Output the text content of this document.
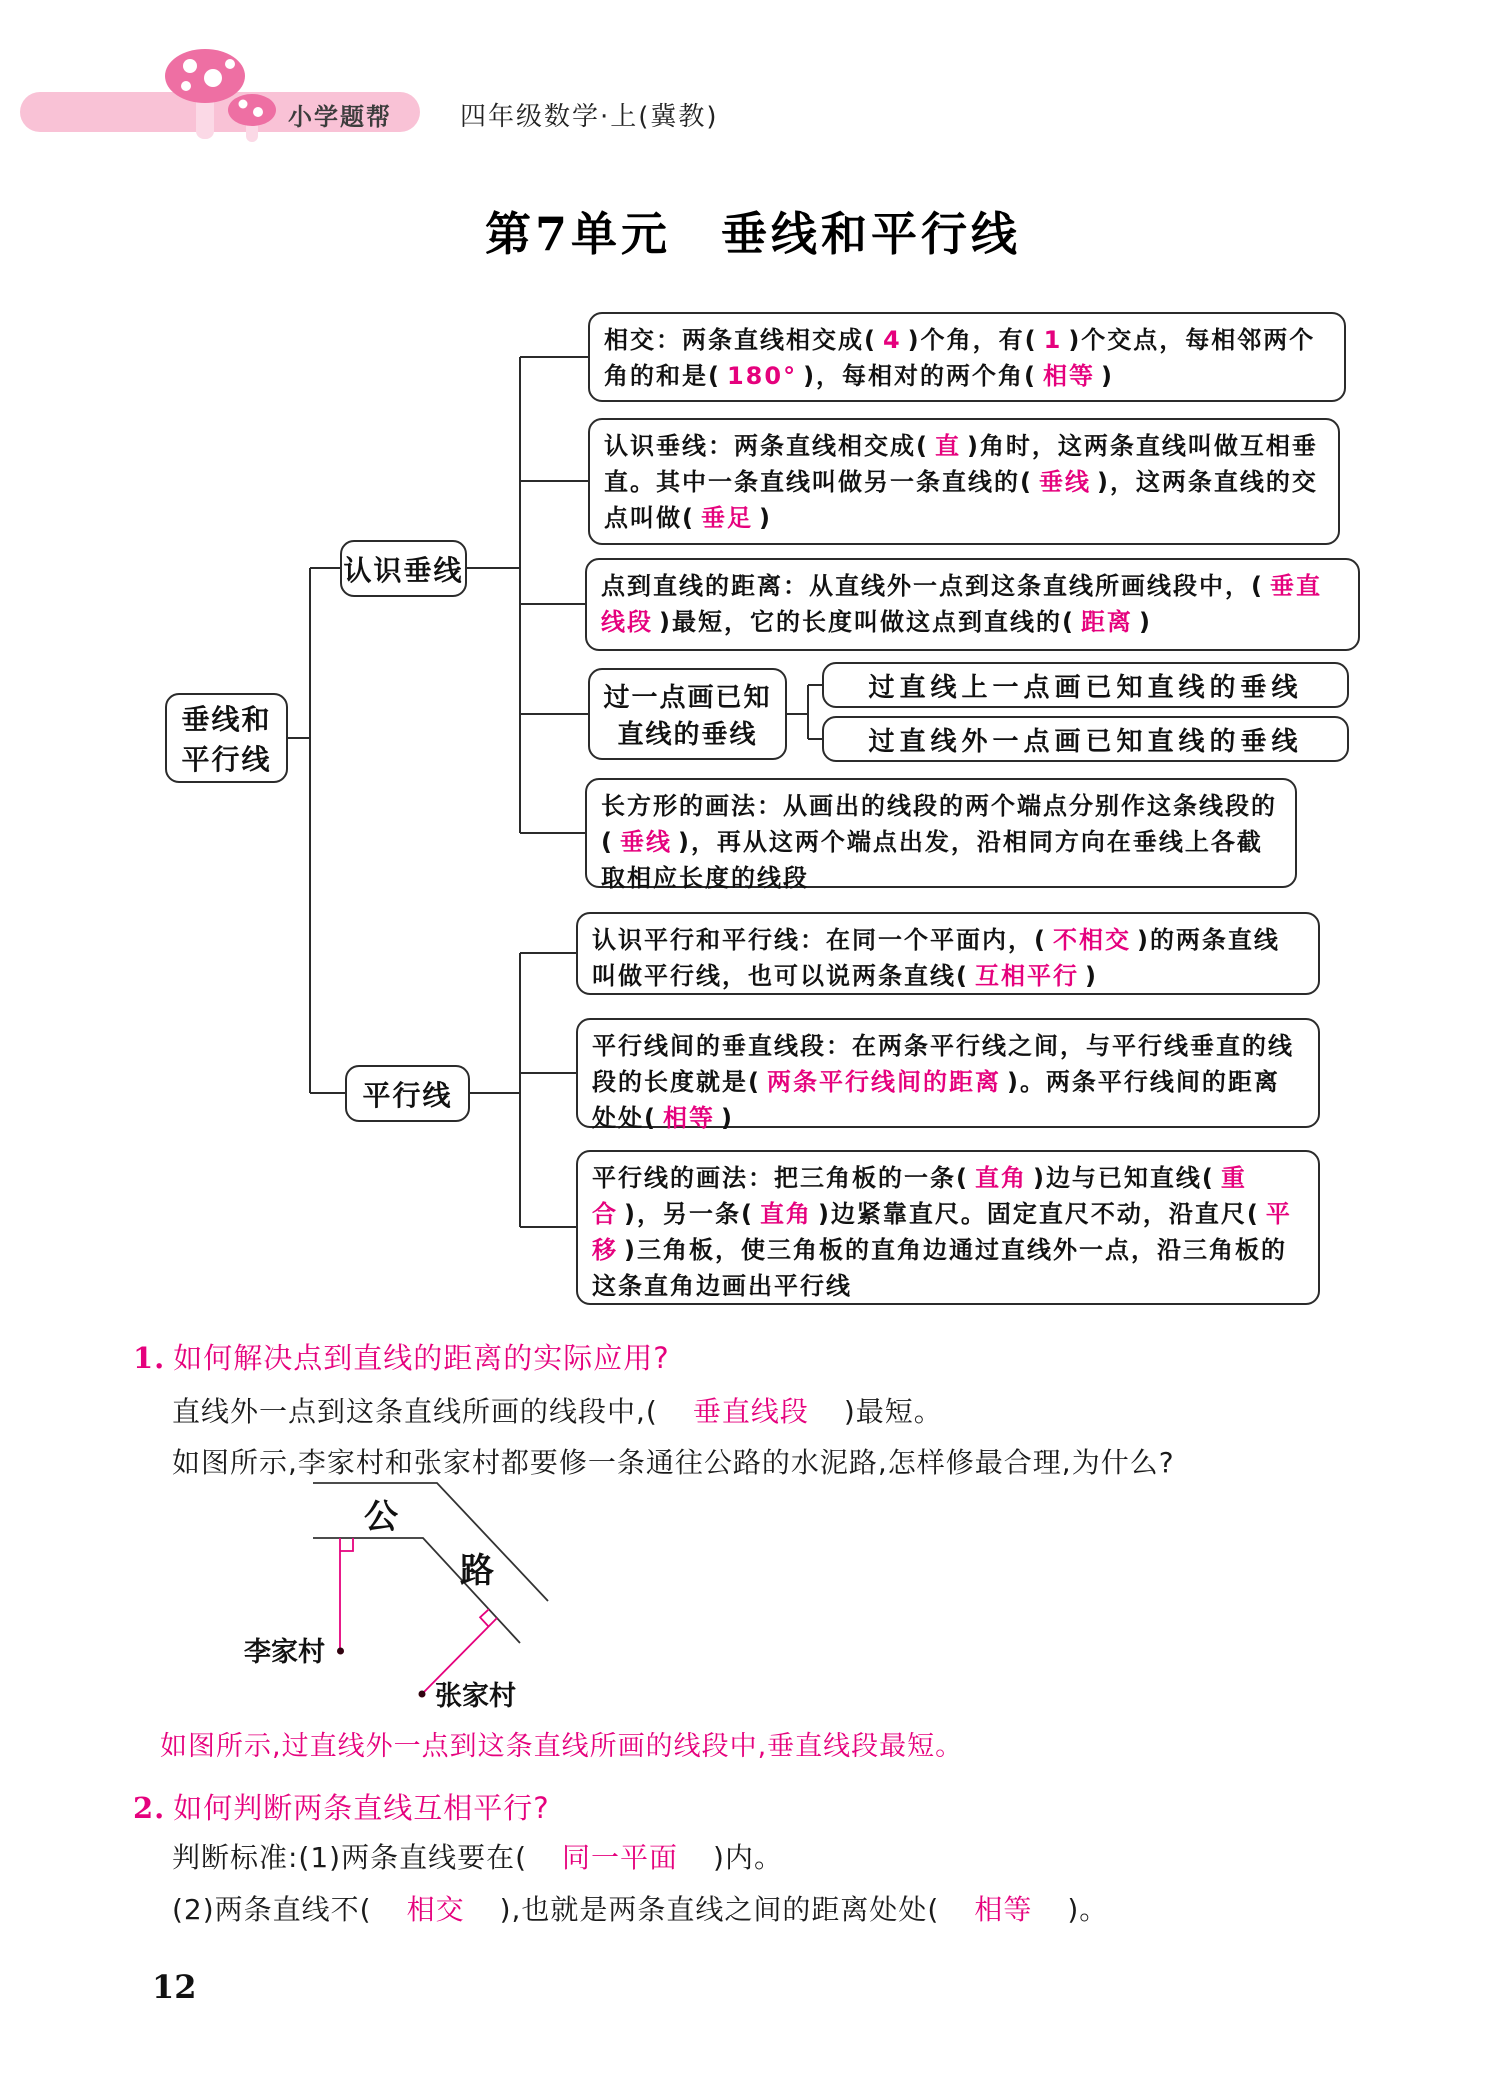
小学题帮	四年级数学·上(冀教)
第7单元　垂线和平行线
垂线和
平行线
认识垂线
平行线
相交：两条直线相交成( 4 )个角，有( 1 )个交点，每相邻两个角的和是( 180° )，每相对的两个角( 相等 )
认识垂线：两条直线相交成( 直 )角时，这两条直线叫做互相垂直。其中一条直线叫做另一条直线的( 垂线 )，这两条直线的交点叫做( 垂足 )
点到直线的距离：从直线外一点到这条直线所画线段中，( 垂直线段 )最短，它的长度叫做这点到直线的( 距离 )
过一点画已知
直线的垂线
过直线上一点画已知直线的垂线
过直线外一点画已知直线的垂线
长方形的画法：从画出的线段的两个端点分别作这条线段的( 垂线 )，再从这两个端点出发，沿相同方向在垂线上各截取相应长度的线段
认识平行和平行线：在同一个平面内，( 不相交 )的两条直线叫做平行线，也可以说两条直线( 互相平行 )
平行线间的垂直线段：在两条平行线之间，与平行线垂直的线段的长度就是( 两条平行线间的距离 )。两条平行线间的距离处处( 相等 )
平行线的画法：把三角板的一条( 直角 )边与已知直线( 重合 )，另一条( 直角 )边紧靠直尺。固定直尺不动，沿直尺( 平移 )三角板，使三角板的直角边通过直线外一点，沿三角板的这条直角边画出平行线
1. 如何解决点到直线的距离的实际应用?
直线外一点到这条直线所画的线段中,(　垂直线段　)最短。
如图所示,李家村和张家村都要修一条通往公路的水泥路,怎样修最合理,为什么?
公
路
李家村
张家村
如图所示,过直线外一点到这条直线所画的线段中,垂直线段最短。
2. 如何判断两条直线互相平行?
判断标准:(1)两条直线要在(　同一平面　)内。
(2)两条直线不(　相交　),也就是两条直线之间的距离处处(　相等　)。
12
